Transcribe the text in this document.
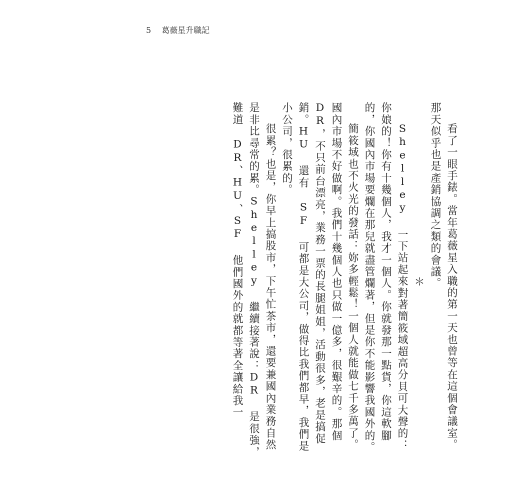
5 葛薇星升職記

看了一眼手錶。當年葛薇星入職的第一天也曾等在這個會議室。那天似乎也是產銷協調之類的會議。

＊

Shelley 一下站起來對著簡筱域超高分貝可大聲的：你娘的！你有十幾個人，我才一個人。你就發那一點貨，你這軟腳的，你國內市場要爛在那兒就盡管爛著，但是你不能影響我國外的。

簡筱域也不火光的發話：妳多輕鬆！一個人就能做七千多萬了。國內市場不好做啊。我們十幾個人也只做一億多，很艱辛的。那個 DR，不只前台漂亮，業務一票的長腿姐姐，活動很多，老是搞促銷。HU 還有 SF 可都是大公司，做得比我們都早，我們是小公司，很累的。

很累？也是，你早上搞股市，下午忙茶市，還要兼國內業務自然是非比尋常的累。Shelley 繼續接著說：DR 是很強，難道 DR、HU、SF 他們國外的就都等著全讓給我一
